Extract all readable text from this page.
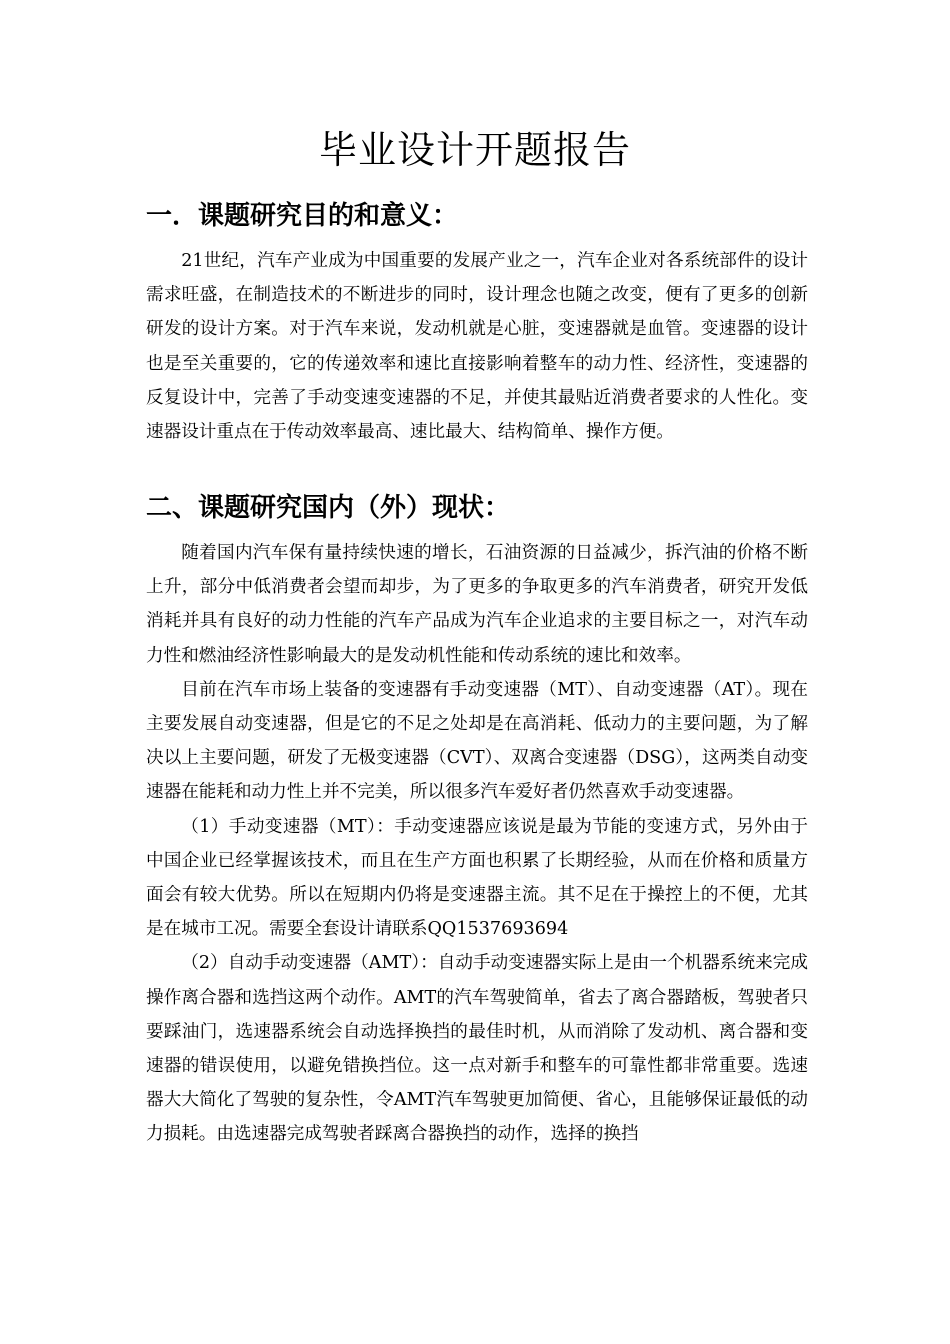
毕业设计开题报告
一．课题研究目的和意义：

21世纪，汽车产业成为中国重要的发展产业之一，汽车企业对各系统部件的设计需求旺盛，在制造技术的不断进步的同时，设计理念也随之改变，便有了更多的创新研发的设计方案。对于汽车来说，发动机就是心脏，变速器就是血管。变速器的设计也是至关重要的，它的传递效率和速比直接影响着整车的动力性、经济性，变速器的反复设计中，完善了手动变速变速器的不足，并使其最贴近消费者要求的人性化。变速器设计重点在于传动效率最高、速比最大、结构简单、操作方便。

二、课题研究国内（外）现状：

随着国内汽车保有量持续快速的增长，石油资源的日益减少，拆汽油的价格不断上升，部分中低消费者会望而却步，为了更多的争取更多的汽车消费者，研究开发低消耗并具有良好的动力性能的汽车产品成为汽车企业追求的主要目标之一，对汽车动力性和燃油经济性影响最大的是发动机性能和传动系统的速比和效率。

目前在汽车市场上装备的变速器有手动变速器（MT）、自动变速器（AT）。现在主要发展自动变速器，但是它的不足之处却是在高消耗、低动力的主要问题，为了解决以上主要问题，研发了无极变速器（CVT）、双离合变速器（DSG），这两类自动变速器在能耗和动力性上并不完美，所以很多汽车爱好者仍然喜欢手动变速器。

（1）手动变速器（MT）：手动变速器应该说是最为节能的变速方式，另外由于中国企业已经掌握该技术，而且在生产方面也积累了长期经验，从而在价格和质量方面会有较大优势。所以在短期内仍将是变速器主流。其不足在于操控上的不便，尤其是在城市工况。需要全套设计请联系QQ1537693694

（2）自动手动变速器（AMT）：自动手动变速器实际上是由一个机器系统来完成操作离合器和选挡这两个动作。AMT的汽车驾驶简单，省去了离合器踏板，驾驶者只要踩油门，选速器系统会自动选择换挡的最佳时机，从而消除了发动机、离合器和变速器的错误使用，以避免错换挡位。这一点对新手和整车的可靠性都非常重要。选速器大大简化了驾驶的复杂性，令AMT汽车驾驶更加简便、省心，且能够保证最低的动力损耗。由选速器完成驾驶者踩离合器换挡的动作，选择的换挡
